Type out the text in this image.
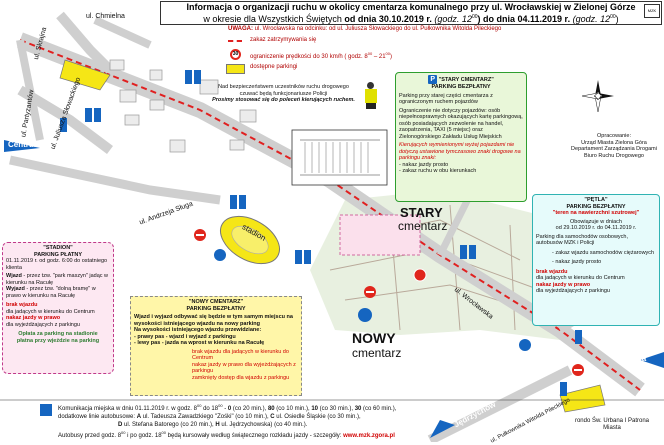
Informacja o organizacji ruchu w okolicy cmentarza komunalnego przy ul. Wrocławskiej w Zielonej Górze
w okresie dla Wszystkich Świętych od dnia 30.10.2019 r. (godz. $12^{00}$) do dnia 04.11.2019 r. (godz. $12^{00}$)
MZK
UWAGA: ul. Wrocławska na odcinku: od ul. Juliusza Słowackiego do ul. Pułkownika Witolda Pileckiego
zakaz zatrzymywania się
30	ograniczenie prędkości do 30 km/h ( godz. $8^{00} - 21^{00}$)
dostępne parkingi
Nad bezpieczeństwem uczestników ruchu drogowego
czuwać będą funkcjonariusze Policji
Prosimy stosować się do poleceń kierujących ruchem.
Opracowanie:
Urząd Miasta Zielona Góra
Departament Zarządzania Drogami
Biuro Ruchu Drogowego
P "STARY CMENTARZ"
PARKING BEZPŁATNY
Parking przy starej części cmentarza z ograniczonym ruchem pojazdów
Ograniczenie nie dotyczy pojazdów: osób niepełnosprawnych okazujących kartę parkingową, osób posiadających zezwolenie na handel, zaopatrzenia, TAXI (5 miejsc) oraz Zielonogórskiego Zakładu Usług Miejskich
Kierujących wymienionymi wyżej pojazdami nie dotyczą ustawione tymczasowo znaki drogowe na parkingu znaki:
- nakaz jazdy prosto
- zakaz ruchu w obu kierunkach
"STADION"
PARKING PŁATNY
01.11.2019 r. od godz. 6:00 do ostatniego klienta
Wjazd - przez tzw. "park maszyn" jadąc w kierunku na Racułę
Wyjazd - przez tzw. "dolną bramę" w prawo w kierunku na Racułę
brak wjazdu
dla jadących w kierunku do Centrum
nakaz jazdy w prawo
dla wyjeżdżających z parkingu
Opłata za parking na stadionie
płatna przy wjeździe na parking
"NOWY CMENTARZ"
PARKING BEZPŁATNY
Wjazd i wyjazd odbywać się będzie w tym samym miejscu na wysokości istniejącego wjazdu na nowy parking
Na wysokości istniejącego wjazdu przewidziane:
- prawy pas - wjazd i wyjazd z parkingu
- lewy pas - jazda na wprost w kierunku na Racułę
brak wjazdu dla jadących w kierunku do Centrum
nakaz jazdy w prawo dla wyjeżdżających z parkingu
zamknięty dostęp dla wjazdu z parkingu
"PĘTLA"
PARKING BEZPŁATNY
"teren na nawierzchni szutrowej"
Obowiązuje w dniach
od 29.10.2019 r. do 04.11.2019 r.
Parking dla samochodów osobowych, autobusów MZK i Policji
- zakaz wjazdu samochodów ciężarowych
- nakaz jazdy prosto
brak wjazdu
dla jadących w kierunku do Centrum
nakaz jazdy w prawo
dla wyjeżdżających z parkingu
STARY
cmentarz
NOWY
cmentarz
stadion
ul. Chmielna
ul. Skrajna
ul. Partyzantów ul. Juliusza Słowackiego
Centrum
ul. Andrzeja Sługa
ul. Wrocławska
Racula
Jędrzychów
ul. Pułkownika Witolda Pileckiego rondo Św. Urbana I Patrona Miasta
Komunikacja miejska w dniu 01.11.2019 r. w godz. $8^{00}$ do $18^{00} - 0$ (co 20 min.), 80 (co 10 min.), 10 (co 30 min.), 30 (co 60 min.),
dodatkowe linie autobusowe: A ul. Tadeusza Zawadzkiego "Zośki" (co 10 min.), C ul. Osiedle Śląskie (co 30 min.),
D ul. Stefana Batorego (co 20 min.), H ul. Jędrzychowska) (co 40 min.).
Autobusy przed godz. $8^{00}$ i po godz. $18^{00}$ będą kursowały według świątecznego rozkładu jazdy - szczegóły: www.mzk.zgora.pl
